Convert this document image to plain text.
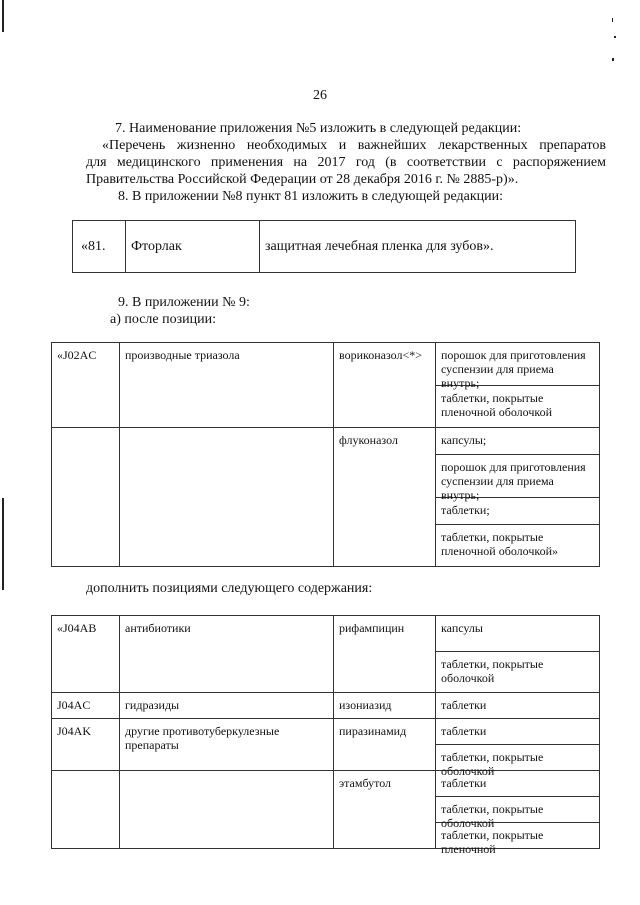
26

7. Наименование приложения №5 изложить в следующей редакции:

«Перечень жизненно необходимых и важнейших лекарственных препаратов

для медицинского применения на 2017 год (в соответствии с распоряжением

Правительства Российской Федерации от 28 декабря 2016 г. № 2885-р)».

8. В приложении №8 пункт 81 изложить в следующей редакции:

«81.	Фторлак	защитная лечебная пленка для зубов».

9. В приложении № 9:

а) после позиции:

«J02AC	производные триазола	вориконазол<*>	порошок для приготовления суспензии для приема внутрь;
таблетки, покрытые пленочной оболочкой

		флуконазол	капсулы;
порошок для приготовления суспензии для приема внутрь;
таблетки;
таблетки, покрытые пленочной оболочкой»

дополнить позициями следующего содержания:

«J04AB	антибиотики	рифампицин	капсулы
таблетки, покрытые оболочкой

J04AC	гидразиды	изониазид	таблетки
J04AK	другие противотуберкулезные препараты	пиразинамид	таблетки
таблетки, покрытые оболочкой

		этамбутол	таблетки
таблетки, покрытые оболочкой
таблетки, покрытые пленочной
